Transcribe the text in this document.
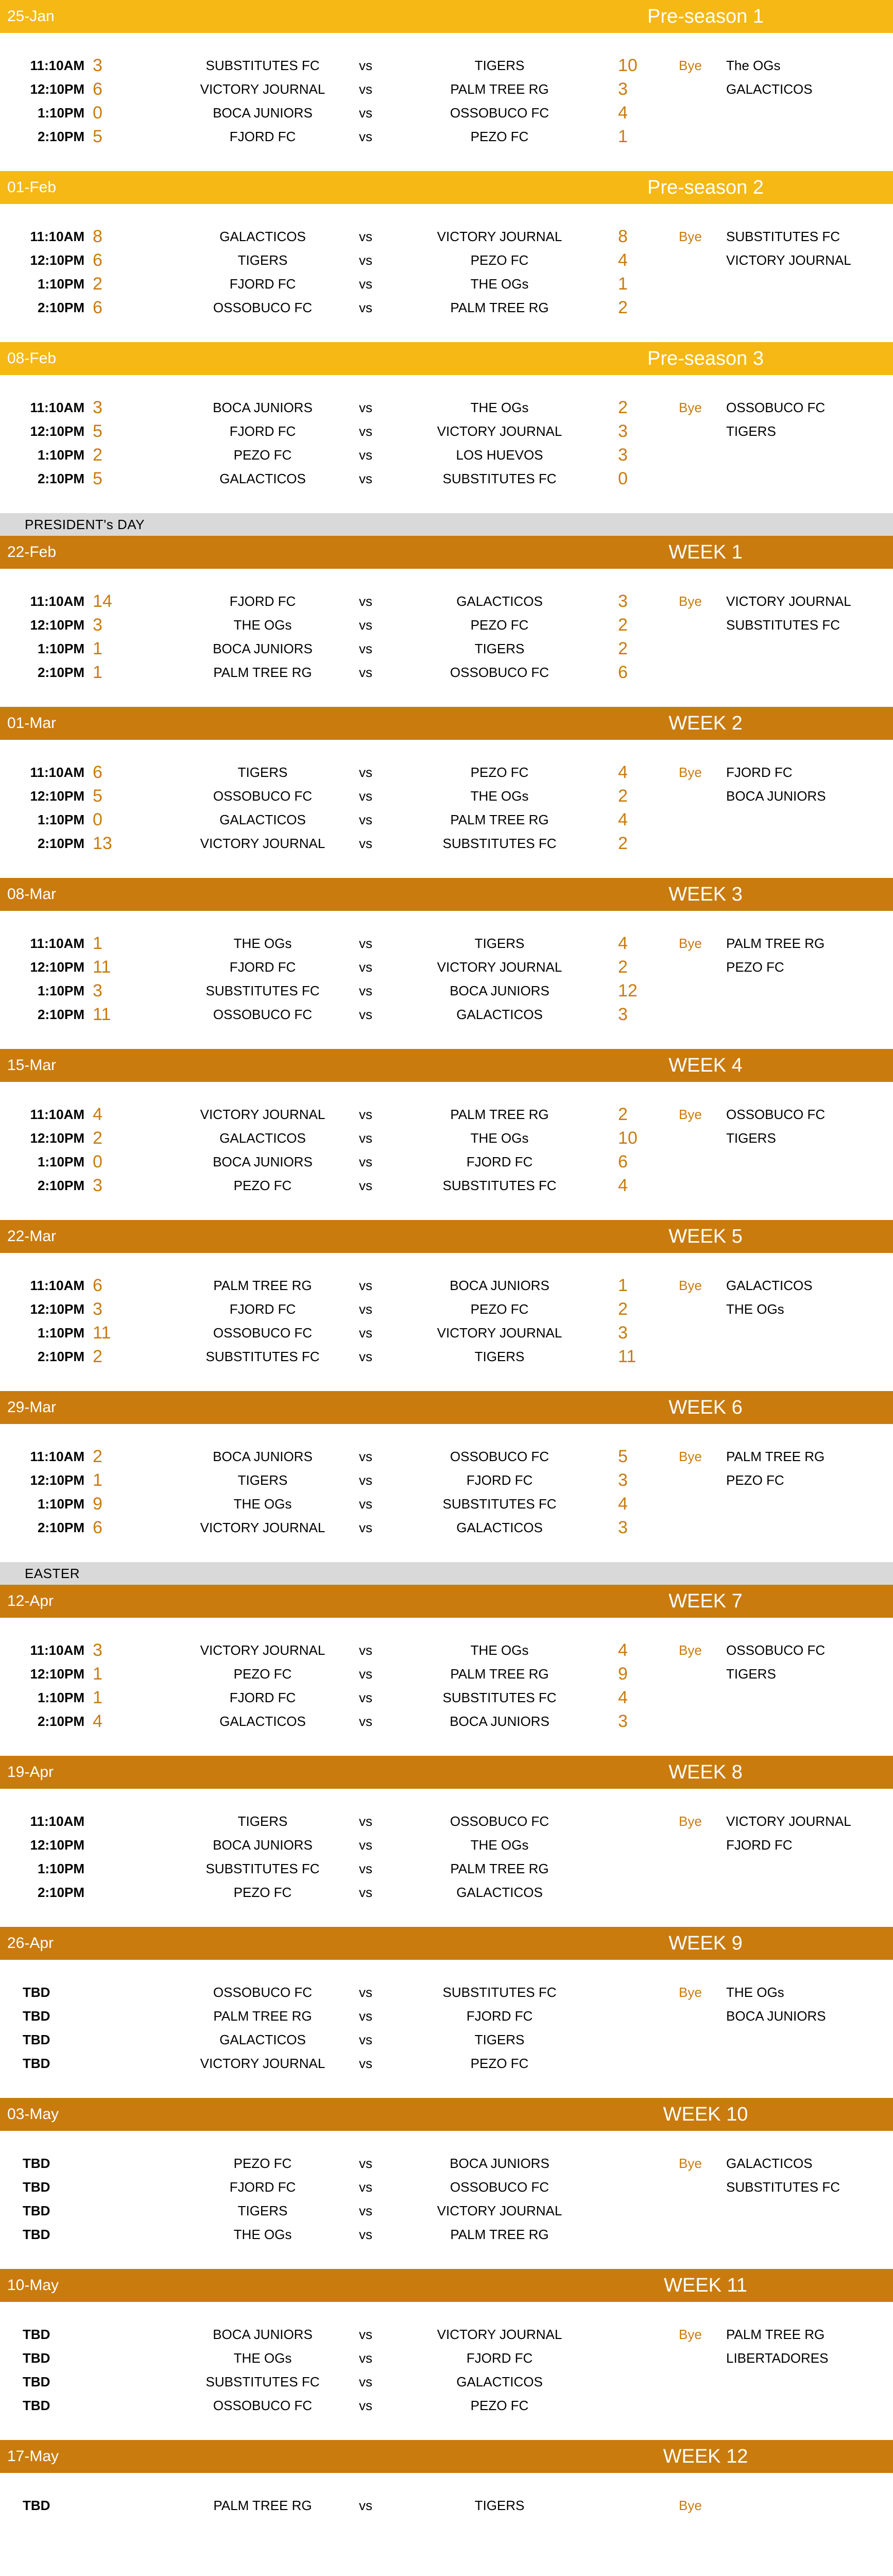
25-Jan	Pre-season 1
11:10AM 3	SUBSTITUTES FC	vs	TIGERS	10	Bye The OGs
12:10PM 6	VICTORY JOURNAL	vs	PALM TREE RG	3	GALACTICOS
1:10PM 0	BOCA JUNIORS	vs	OSSOBUCO FC	4
2:10PM 5	FJORD FC	vs	PEZO FC	1
01-Feb	Pre-season 2
11:10AM 8	GALACTICOS	vs	VICTORY JOURNAL	8	Bye SUBSTITUTES FC
12:10PM 6	TIGERS	vs	PEZO FC	4	VICTORY JOURNAL
1:10PM 2	FJORD FC	vs	THE OGs	1
2:10PM 6	OSSOBUCO FC	vs	PALM TREE RG	2
08-Feb	Pre-season 3
11:10AM 3	BOCA JUNIORS	vs	THE OGs	2	Bye OSSOBUCO FC
12:10PM 5	FJORD FC	vs	VICTORY JOURNAL	3	TIGERS
1:10PM 2	PEZO FC	vs	LOS HUEVOS	3
2:10PM 5	GALACTICOS	vs	SUBSTITUTES FC	0
PRESIDENT's DAY
22-Feb	WEEK 1
11:10AM 14	FJORD FC	vs	GALACTICOS	3	Bye VICTORY JOURNAL
12:10PM 3	THE OGs	vs	PEZO FC	2	SUBSTITUTES FC
1:10PM 1	BOCA JUNIORS	vs	TIGERS	2
2:10PM 1	PALM TREE RG	vs	OSSOBUCO FC	6
01-Mar	WEEK 2
11:10AM 6	TIGERS	vs	PEZO FC	4	Bye FJORD FC
12:10PM 5	OSSOBUCO FC	vs	THE OGs	2	BOCA JUNIORS
1:10PM 0	GALACTICOS	vs	PALM TREE RG	4
2:10PM 13	VICTORY JOURNAL	vs	SUBSTITUTES FC	2
08-Mar	WEEK 3
11:10AM 1	THE OGs	vs	TIGERS	4	Bye PALM TREE RG
12:10PM 11	FJORD FC	vs	VICTORY JOURNAL	2	PEZO FC
1:10PM 3	SUBSTITUTES FC	vs	BOCA JUNIORS	12
2:10PM 11	OSSOBUCO FC	vs	GALACTICOS	3
15-Mar	WEEK 4
11:10AM 4	VICTORY JOURNAL	vs	PALM TREE RG	2	Bye OSSOBUCO FC
12:10PM 2	GALACTICOS	vs	THE OGs	10	TIGERS
1:10PM 0	BOCA JUNIORS	vs	FJORD FC	6
2:10PM 3	PEZO FC	vs	SUBSTITUTES FC	4
22-Mar	WEEK 5
11:10AM 6	PALM TREE RG	vs	BOCA JUNIORS	1	Bye GALACTICOS
12:10PM 3	FJORD FC	vs	PEZO FC	2	THE OGs
1:10PM 11	OSSOBUCO FC	vs	VICTORY JOURNAL	3
2:10PM 2	SUBSTITUTES FC	vs	TIGERS	11
29-Mar	WEEK 6
11:10AM 2	BOCA JUNIORS	vs	OSSOBUCO FC	5	Bye PALM TREE RG
12:10PM 1	TIGERS	vs	FJORD FC	3	PEZO FC
1:10PM 9	THE OGs	vs	SUBSTITUTES FC	4
2:10PM 6	VICTORY JOURNAL	vs	GALACTICOS	3
EASTER
12-Apr	WEEK 7
11:10AM 3	VICTORY JOURNAL	vs	THE OGs	4	Bye OSSOBUCO FC
12:10PM 1	PEZO FC	vs	PALM TREE RG	9	TIGERS
1:10PM 1	FJORD FC	vs	SUBSTITUTES FC	4
2:10PM 4	GALACTICOS	vs	BOCA JUNIORS	3
19-Apr	WEEK 8
11:10AM	TIGERS	vs	OSSOBUCO FC	Bye VICTORY JOURNAL
12:10PM	BOCA JUNIORS	vs	THE OGs	FJORD FC
1:10PM	SUBSTITUTES FC	vs	PALM TREE RG
2:10PM	PEZO FC	vs	GALACTICOS
26-Apr	WEEK 9
TBD	OSSOBUCO FC	vs	SUBSTITUTES FC	Bye THE OGs
TBD	PALM TREE RG	vs	FJORD FC	BOCA JUNIORS
TBD	GALACTICOS	vs	TIGERS
TBD	VICTORY JOURNAL	vs	PEZO FC
03-May	WEEK 10
TBD	PEZO FC	vs	BOCA JUNIORS	Bye GALACTICOS
TBD	FJORD FC	vs	OSSOBUCO FC	SUBSTITUTES FC
TBD	TIGERS	vs	VICTORY JOURNAL
TBD	THE OGs	vs	PALM TREE RG
10-May	WEEK 11
TBD	BOCA JUNIORS	vs	VICTORY JOURNAL	Bye PALM TREE RG
TBD	THE OGs	vs	FJORD FC	LIBERTADORES
TBD	SUBSTITUTES FC	vs	GALACTICOS
TBD	OSSOBUCO FC	vs	PEZO FC
17-May	WEEK 12
TBD	PALM TREE RG	vs	TIGERS	Bye
